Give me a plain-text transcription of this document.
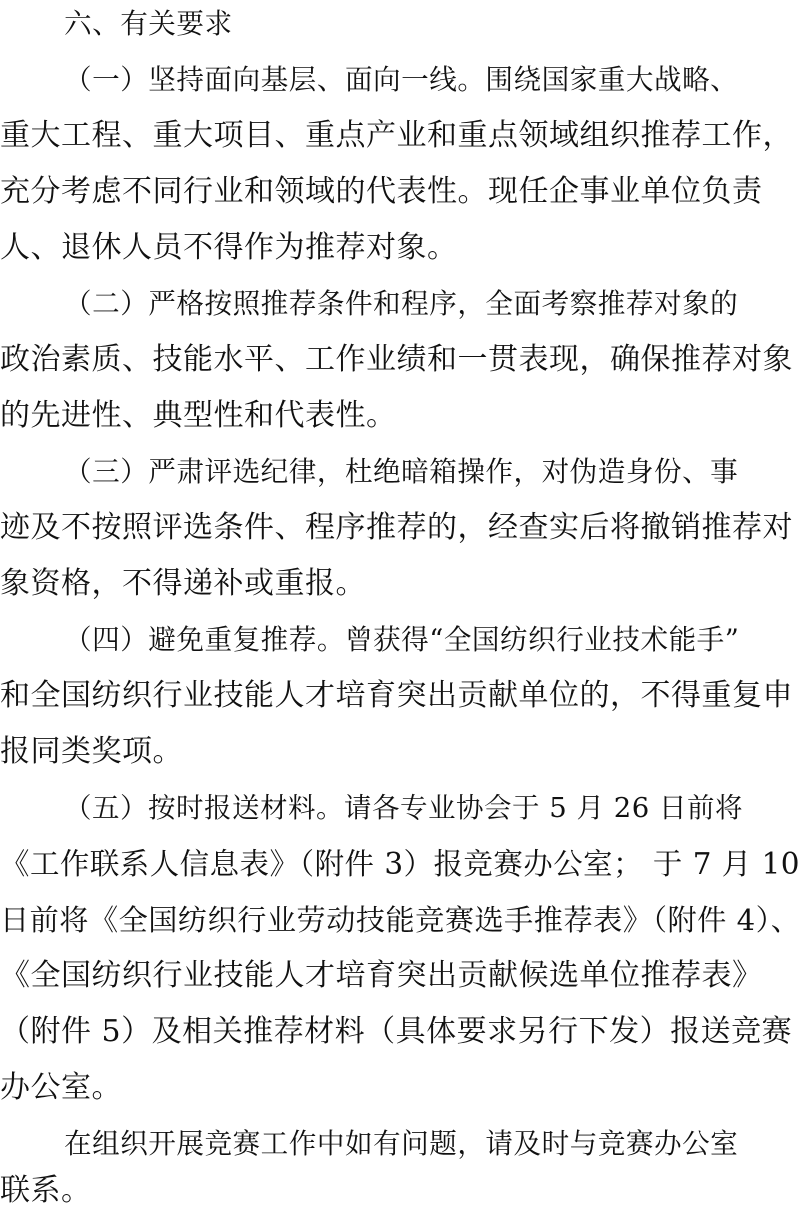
六、有关要求
（一）坚持面向基层、面向一线。围绕国家重大战略、
重大工程、重大项目、重点产业和重点领域组织推荐工作，
充分考虑不同行业和领域的代表性。现任企事业单位负责
人、退休人员不得作为推荐对象。
（二）严格按照推荐条件和程序，全面考察推荐对象的
政治素质、技能水平、工作业绩和一贯表现，确保推荐对象
的先进性、典型性和代表性。
（三）严肃评选纪律，杜绝暗箱操作，对伪造身份、事
迹及不按照评选条件、程序推荐的，经查实后将撤销推荐对
象资格，不得递补或重报。
（四）避免重复推荐。曾获得“全国纺织行业技术能手”
和全国纺织行业技能人才培育突出贡献单位的，不得重复申
报同类奖项。
（五）按时报送材料。请各专业协会于 5 月 26 日前将
《工作联系人信息表》（附件 3）报竞赛办公室； 于 7 月 10
日前将《全国纺织行业劳动技能竞赛选手推荐表》（附件 4）、
《全国纺织行业技能人才培育突出贡献候选单位推荐表》
（附件 5）及相关推荐材料（具体要求另行下发）报送竞赛
办公室。
在组织开展竞赛工作中如有问题，请及时与竞赛办公室
联系。
